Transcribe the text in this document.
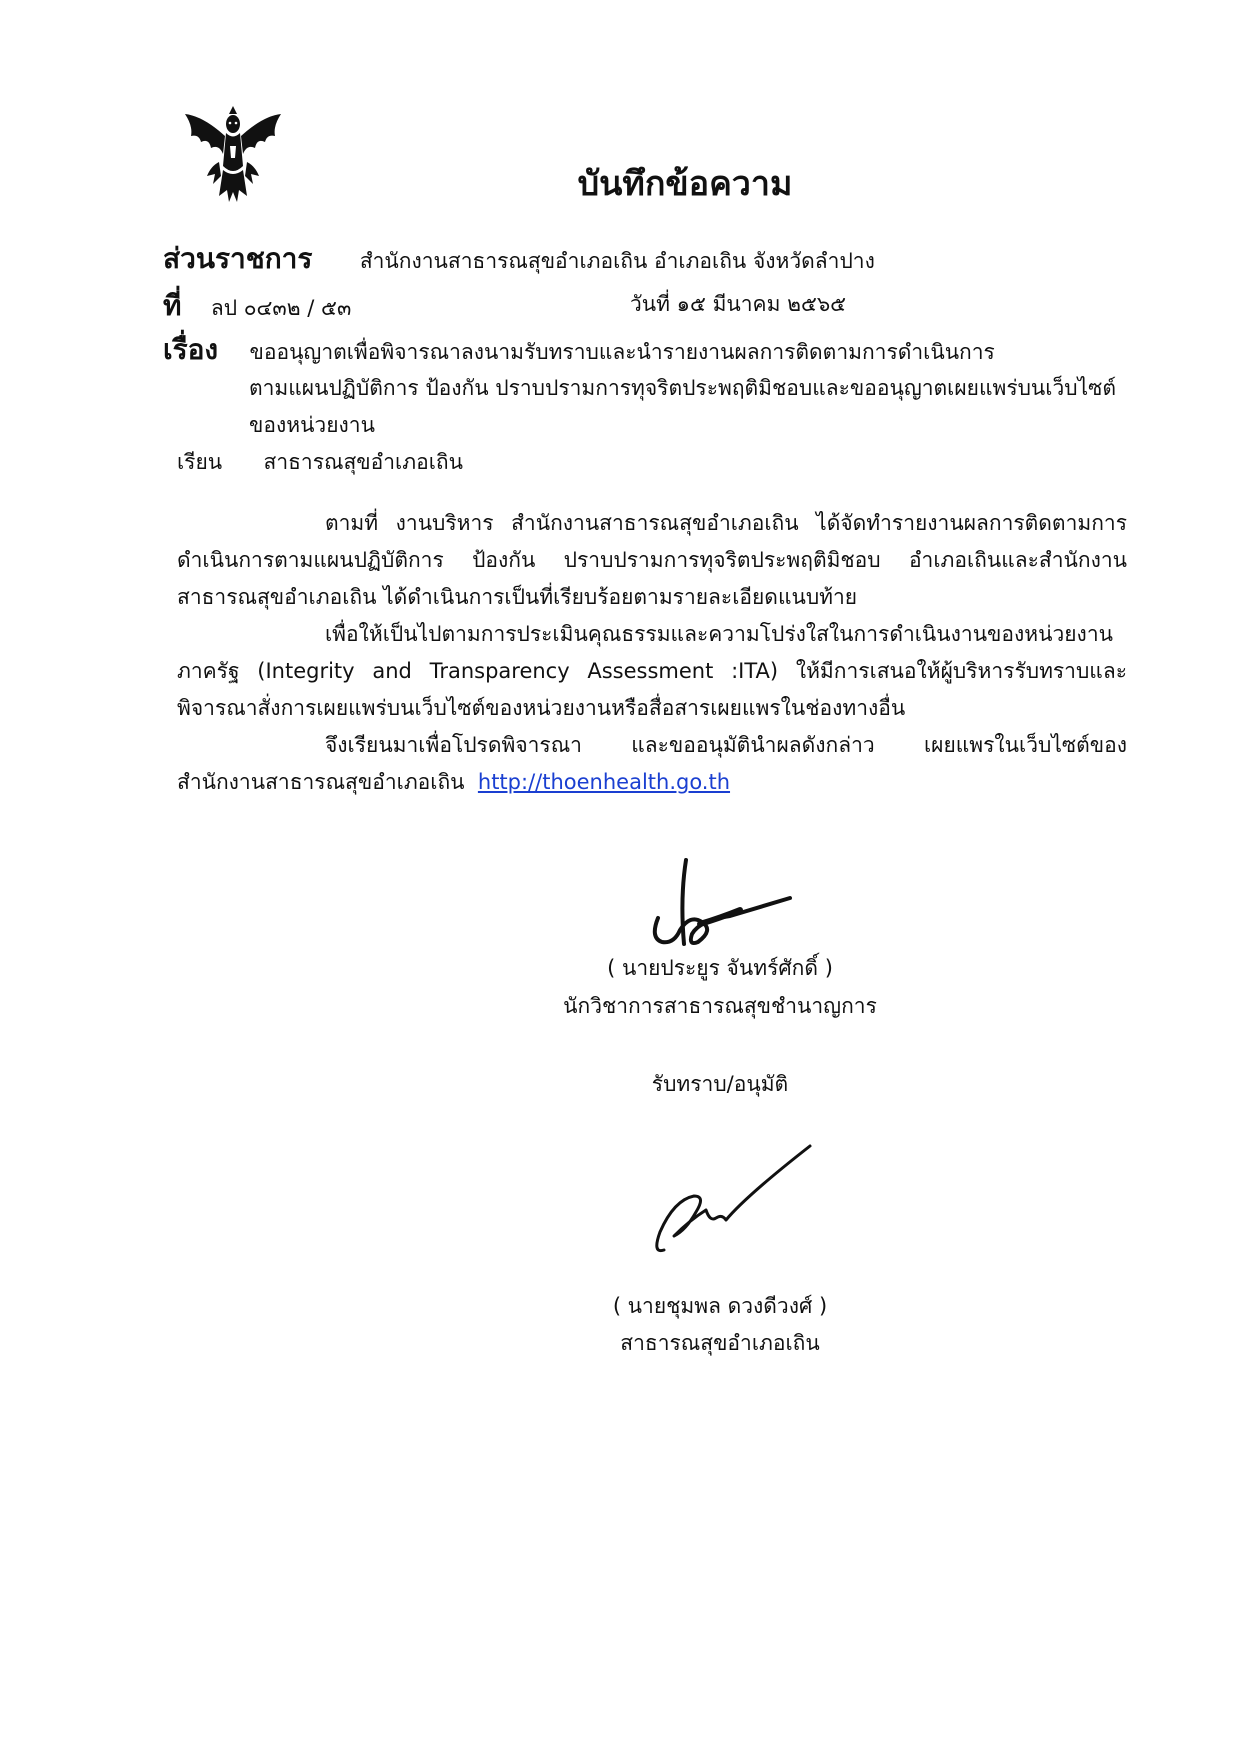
บันทึกข้อความ
ส่วนราชการ สำนักงานสาธารณสุขอำเภอเถิน อำเภอเถิน จังหวัดลำปาง
ที่ ลป ๐๔๓๒ / ๕๓	วันที่ ๑๕ มีนาคม ๒๕๖๕
เรื่อง ขออนุญาตเพื่อพิจารณาลงนามรับทราบและนำรายงานผลการติดตามการดำเนินการ
ตามแผนปฏิบัติการ ป้องกัน ปราบปรามการทุจริตประพฤติมิชอบและขออนุญาตเผยแพร่บนเว็บไซต์
ของหน่วยงาน
เรียน สาธารณสุขอำเภอเถิน

ตามที่ งานบริหาร สำนักงานสาธารณสุขอำเภอเถิน ได้จัดทำรายงานผลการติดตามการดำเนินการตามแผนปฏิบัติการ ป้องกัน ปราบปรามการทุจริตประพฤติมิชอบ อำเภอเถินและสำนักงานสาธารณสุขอำเภอเถิน ได้ดำเนินการเป็นที่เรียบร้อยตามรายละเอียดแนบท้าย

เพื่อให้เป็นไปตามการประเมินคุณธรรมและความโปร่งใสในการดำเนินงานของหน่วยงานภาครัฐ (Integrity and Transparency Assessment :ITA) ให้มีการเสนอให้ผู้บริหารรับทราบและพิจารณาสั่งการเผยแพร่บนเว็บไซต์ของหน่วยงานหรือสื่อสารเผยแพรในช่องทางอื่น

จึงเรียนมาเพื่อโปรดพิจารณา และขออนุมัตินำผลดังกล่าว เผยแพรในเว็บไซต์ของสำนักงานสาธารณสุขอำเภอเถิน http://thoenhealth.go.th

( นายประยูร จันทร์ศักดิ์ )
นักวิชาการสาธารณสุขชำนาญการ
รับทราบ/อนุมัติ
( นายชุมพล ดวงดีวงศ์ )
สาธารณสุขอำเภอเถิน
